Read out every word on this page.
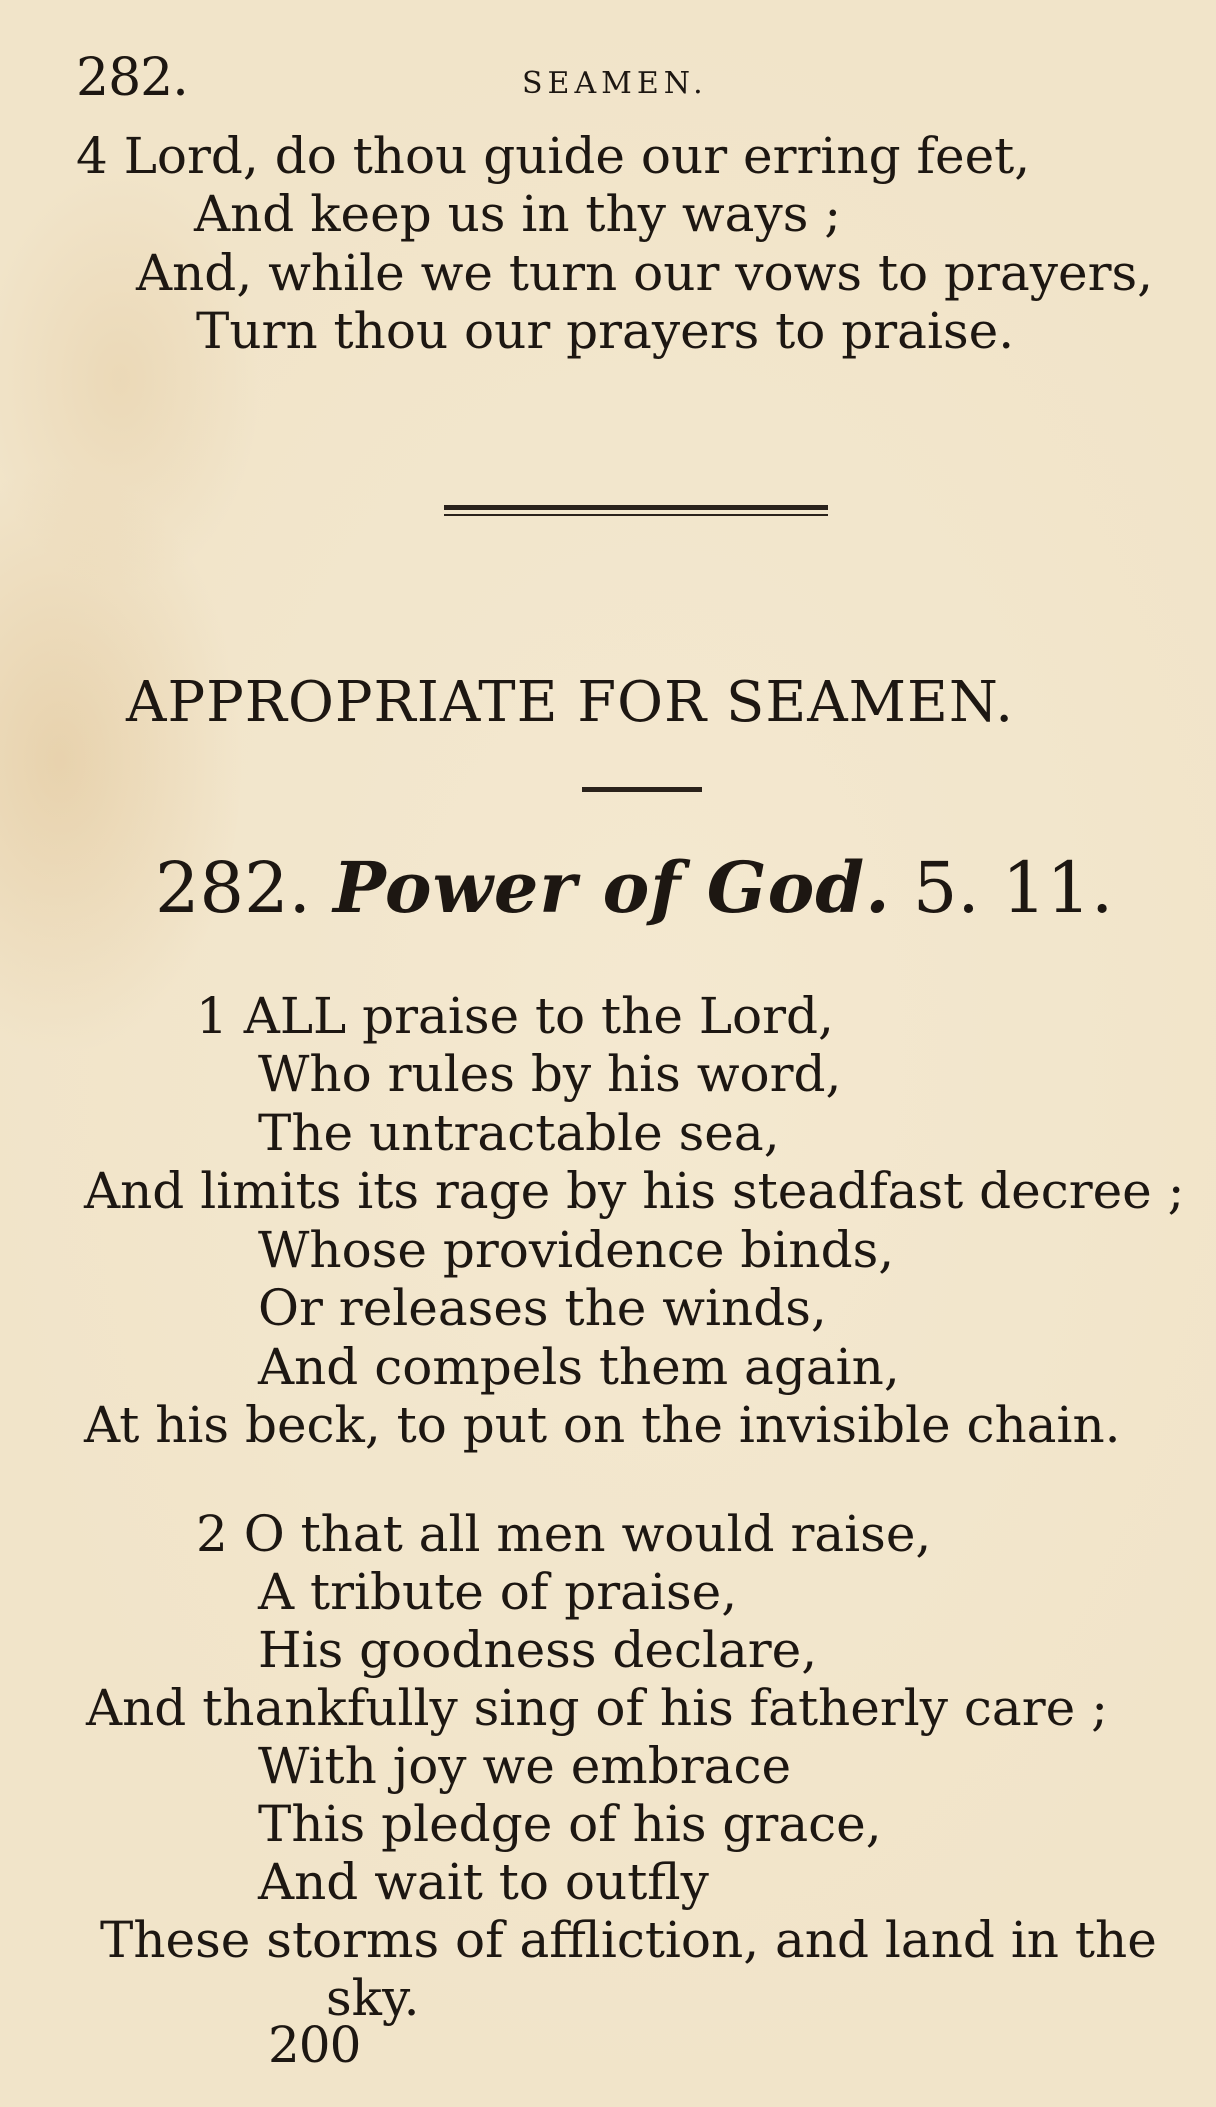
282.	SEAMEN.
4 Lord, do thou guide our erring feet,
And keep us in thy ways ;
And, while we turn our vows to prayers,
Turn thou our prayers to praise.
APPROPRIATE FOR SEAMEN.
282. Power of God. 5. 11.
1 ALL praise to the Lord,
Who rules by his word,
The untractable sea,
And limits its rage by his steadfast decree ;
Whose providence binds,
Or releases the winds,
And compels them again,
At his beck, to put on the invisible chain.
2 O that all men would raise,
A tribute of praise,
His goodness declare,
And thankfully sing of his fatherly care ;
With joy we embrace
This pledge of his grace,
And wait to outfly
These storms of affliction, and land in the
sky.
200
